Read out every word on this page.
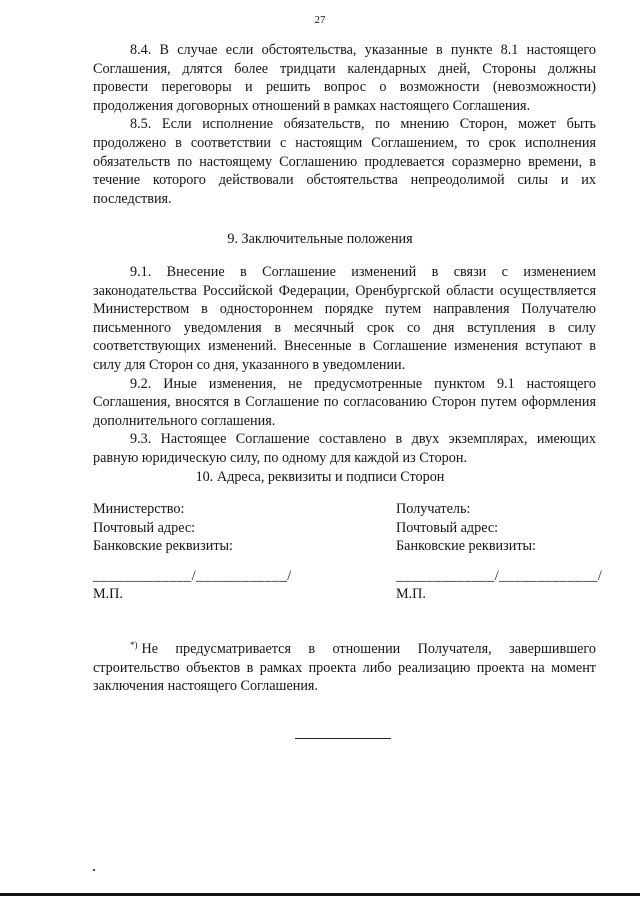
27

8.4. В случае если обстоятельства, указанные в пункте 8.1 настоящего Соглашения, длятся более тридцати календарных дней, Стороны должны провести переговоры и решить вопрос о возможности (невозможности) продолжения договорных отношений в рамках настоящего Соглашения.

8.5. Если исполнение обязательств, по мнению Сторон, может быть продолжено в соответствии с настоящим Соглашением, то срок исполнения обязательств по настоящему Соглашению продлевается соразмерно времени, в течение которого действовали обстоятельства непреодолимой силы и их последствия.

9. Заключительные положения

9.1. Внесение в Соглашение изменений в связи с изменением законодательства Российской Федерации, Оренбургской области осуществляется Министерством в одностороннем порядке путем направления Получателю письменного уведомления в месячный срок со дня вступления в силу соответствующих изменений. Внесенные в Соглашение изменения вступают в силу для Сторон со дня, указанного в уведомлении.

9.2. Иные изменения, не предусмотренные пунктом 9.1 настоящего Соглашения, вносятся в Соглашение по согласованию Сторон путем оформления дополнительного соглашения.

9.3. Настоящее Соглашение составлено в двух экземплярах, имеющих равную юридическую силу, по одному для каждой из Сторон.

10. Адреса, реквизиты и подписи Сторон
Министерство:
Почтовый адрес:
Банковские реквизиты:
Получатель:
Почтовый адрес:
Банковские реквизиты:
_____________/____________/	_____________/_____________/
М.П.	М.П.
*) Не предусматривается в отношении Получателя, завершившего строительство объектов в рамках проекта либо реализацию проекта на момент заключения настоящего Соглашения.
